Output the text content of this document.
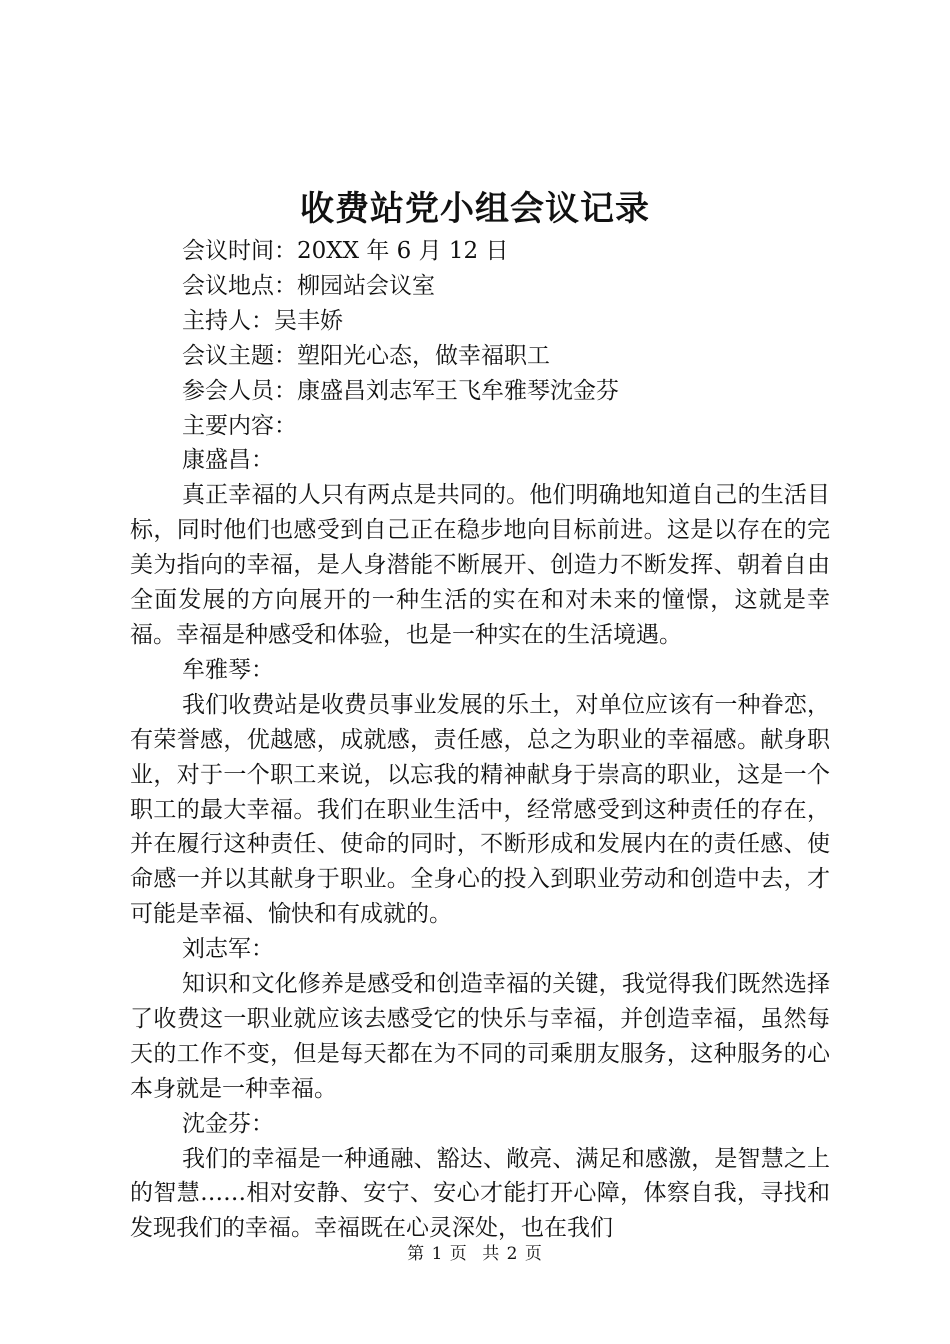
收费站党小组会议记录

会议时间：20XX 年 6 月 12 日

会议地点：柳园站会议室

主持人：吴丰娇

会议主题：塑阳光心态，做幸福职工

参会人员：康盛昌刘志军王飞牟雅琴沈金芬

主要内容：

康盛昌：

真正幸福的人只有两点是共同的。他们明确地知道自己的生活目标，同时他们也感受到自己正在稳步地向目标前进。这是以存在的完美为指向的幸福，是人身潜能不断展开、创造力不断发挥、朝着自由全面发展的方向展开的一种生活的实在和对未来的憧憬，这就是幸福。幸福是种感受和体验，也是一种实在的生活境遇。

牟雅琴：

我们收费站是收费员事业发展的乐土，对单位应该有一种眷恋，有荣誉感，优越感，成就感，责任感，总之为职业的幸福感。献身职业，对于一个职工来说，以忘我的精神献身于崇高的职业，这是一个职工的最大幸福。我们在职业生活中，经常感受到这种责任的存在，并在履行这种责任、使命的同时，不断形成和发展内在的责任感、使命感一并以其献身于职业。全身心的投入到职业劳动和创造中去，才可能是幸福、愉快和有成就的。

刘志军：

知识和文化修养是感受和创造幸福的关键，我觉得我们既然选择了收费这一职业就应该去感受它的快乐与幸福，并创造幸福，虽然每天的工作不变，但是每天都在为不同的司乘朋友服务，这种服务的心本身就是一种幸福。

沈金芬：

我们的幸福是一种通融、豁达、敞亮、满足和感激，是智慧之上的智慧……相对安静、安宁、安心才能打开心障，体察自我，寻找和发现我们的幸福。幸福既在心灵深处，也在我们

第 1 页 共 2 页
